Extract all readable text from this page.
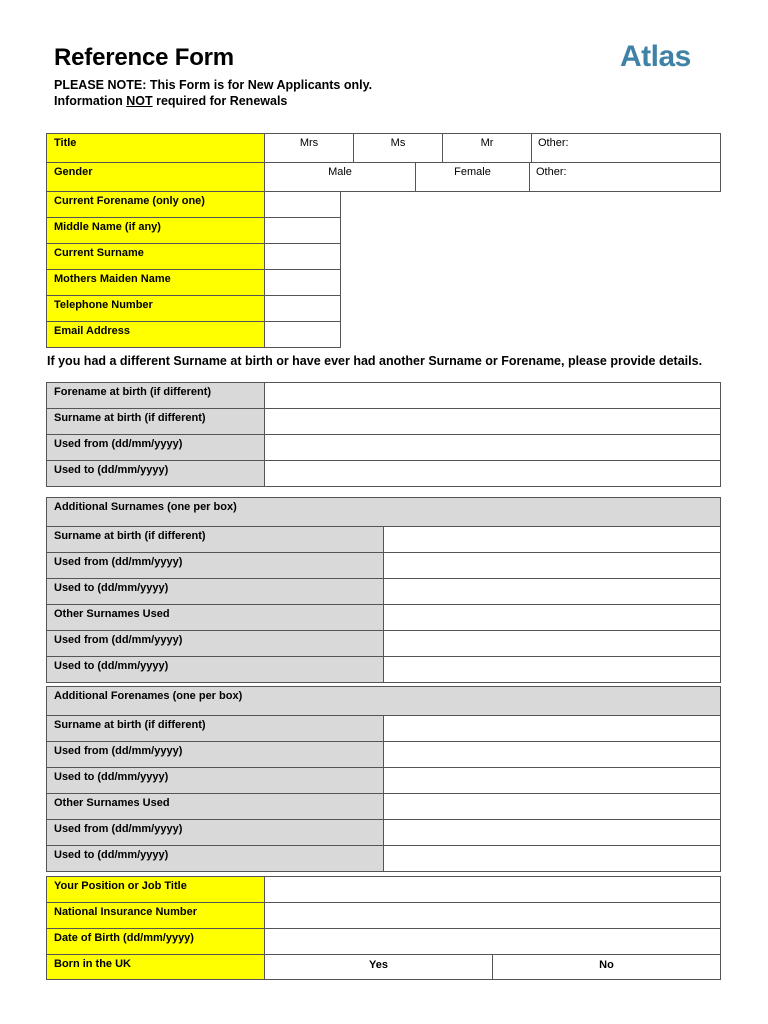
Reference Form
PLEASE NOTE: This Form is for New Applicants only.
Information NOT required for Renewals
Atlas
Title		Mrs	Ms	Mr	Other:

Gender		Male	Female	Other:

Current Forename (only one)	
Middle Name (if any)	
Current Surname	
Mothers Maiden Name	
Telephone Number	
Email Address	
If you had a different Surname at birth or have ever had another Surname or Forename, please provide details.
Forename at birth (if different)	
Surname at birth (if different)	
Used from (dd/mm/yyyy)	
Used to (dd/mm/yyyy)	
Additional Surnames (one per box)	
Surname at birth (if different)	
Used from (dd/mm/yyyy)	
Used to (dd/mm/yyyy)	
Other Surnames Used	
Used from (dd/mm/yyyy)	
Used to (dd/mm/yyyy)	
Additional Forenames (one per box)	
Surname at birth (if different)	
Used from (dd/mm/yyyy)	
Used to (dd/mm/yyyy)	
Other Surnames Used	
Used from (dd/mm/yyyy)	
Used to (dd/mm/yyyy)	
Your Position or Job Title		
National Insurance Number		
Date of Birth (dd/mm/yyyy)		
Born in the UK	Yes	No
